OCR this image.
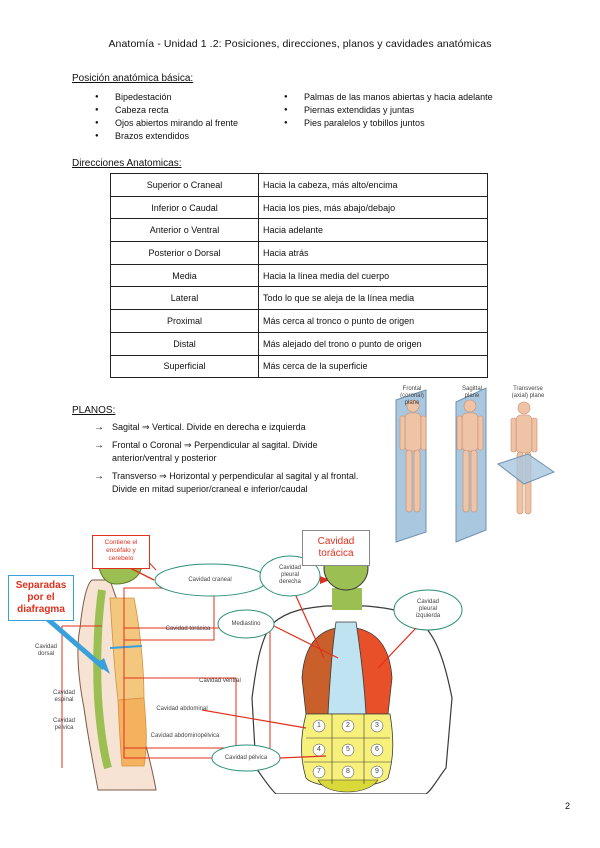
Anatomía - Unidad 1 .2: Posiciones, direcciones, planos y cavidades anatómicas
Posición anatómica básica:
● Bipedestación
● Cabeza recta
● Ojos abiertos mirando al frente
● Brazos extendidos
● Palmas de las manos abiertas y hacia adelante
● Piernas extendidas y juntas
● Pies paralelos y tobillos juntos
Direcciones Anatomicas:
Superior o Craneal	Hacia la cabeza, más alto/encima
Inferior o Caudal	Hacia los pies, más abajo/debajo
Anterior o Ventral	Hacia adelante
Posterior o Dorsal	Hacia atrás
Media	Hacia la línea media del cuerpo
Lateral	Todo lo que se aleja de la línea media
Proximal	Más cerca al tronco o punto de origen
Distal	Más alejado del trono o punto de origen
Superficial	Más cerca de la superficie
PLANOS:
→ Sagital ⇒ Vertical. Divide en derecha e izquierda
→ Frontal o Coronal ⇒ Perpendicular al sagital. Divide anterior/ventral y posterior
→ Transverso ⇒ Horizontal y perpendicular al sagital y al frontal. Divide en mitad superior/craneal e inferior/caudal
Frontal (coronal) plane
Sagittal plane
Transverse (axial) plane
Contiene el encéfalo y cerebelo
Cavidad torácica
Separadas por el diafragma
Cavidad craneal
Cavidad dorsal
Cavidad espinal
Cavidad pélvica
Cavidad torácica
Cavidad ventral
Cavidad abdominal
Cavidad abdominopélvica
Cavidad pleural derecha
Cavidad pleural izquierda
Mediastino
Cavidad pélvica
1	2	3
4	5	6
7	8	9
2
